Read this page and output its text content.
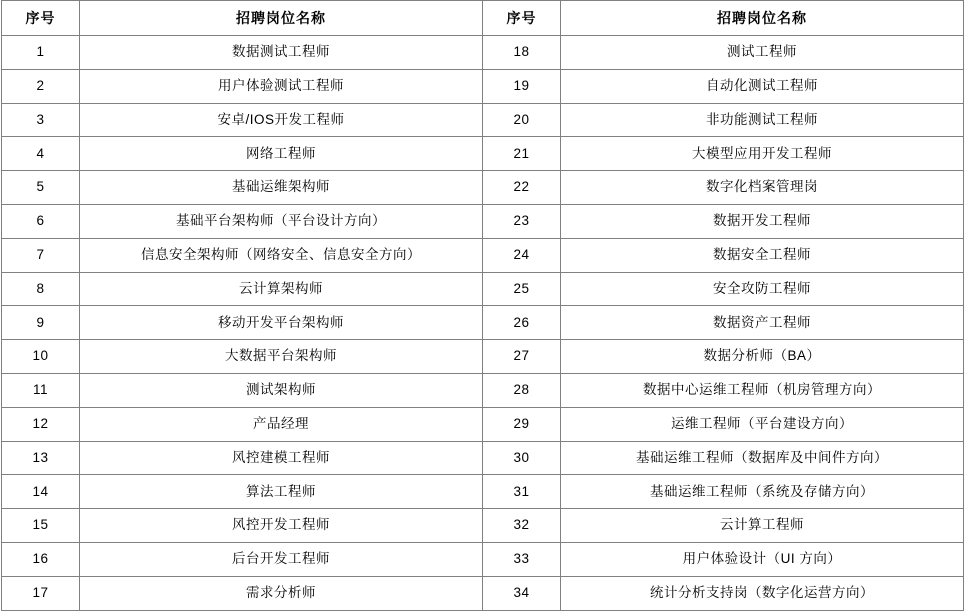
序号	招聘岗位名称	序号	招聘岗位名称
1	数据测试工程师	18	测试工程师
2	用户体验测试工程师	19	自动化测试工程师
3	安卓/IOS开发工程师	20	非功能测试工程师
4	网络工程师	21	大模型应用开发工程师
5	基础运维架构师	22	数字化档案管理岗
6	基础平台架构师（平台设计方向）	23	数据开发工程师
7	信息安全架构师（网络安全、信息安全方向）	24	数据安全工程师
8	云计算架构师	25	安全攻防工程师
9	移动开发平台架构师	26	数据资产工程师
10	大数据平台架构师	27	数据分析师（BA）
11	测试架构师	28	数据中心运维工程师（机房管理方向）
12	产品经理	29	运维工程师（平台建设方向）
13	风控建模工程师	30	基础运维工程师（数据库及中间件方向）
14	算法工程师	31	基础运维工程师（系统及存储方向）
15	风控开发工程师	32	云计算工程师
16	后台开发工程师	33	用户体验设计（UI 方向）
17	需求分析师	34	统计分析支持岗（数字化运营方向）
